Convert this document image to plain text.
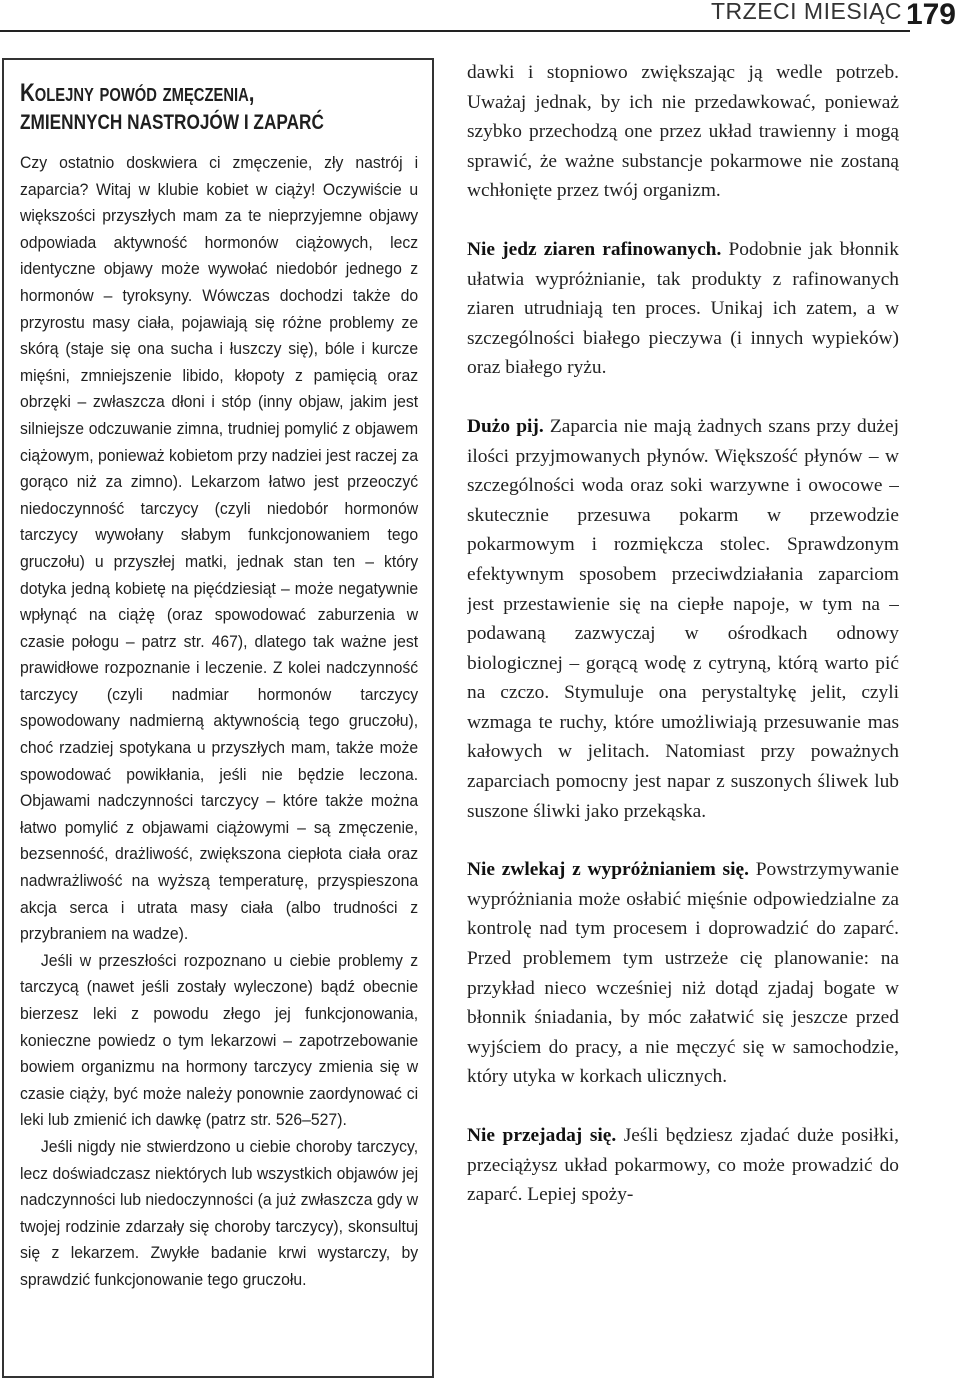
TRZECI MIESIĄC 179
Kolejny powód zmęczenia,
ZMIENNYCH NASTROJÓW I ZAPARĆ

Czy ostatnio doskwiera ci zmęczenie, zły nastrój i zaparcia? Witaj w klubie kobiet w ciąży! Oczywiście u większości przyszłych mam za te nieprzyjemne objawy odpowiada aktywność hormonów ciążowych, lecz identyczne objawy może wywołać niedobór jednego z hormonów – tyroksyny. Wówczas dochodzi także do przyrostu masy ciała, pojawiają się różne problemy ze skórą (staje się ona sucha i łuszczy się), bóle i kurcze mięśni, zmniejszenie libido, kłopoty z pamięcią oraz obrzęki – zwłaszcza dłoni i stóp (inny objaw, jakim jest silniejsze odczuwanie zimna, trudniej pomylić z objawem ciążowym, ponieważ kobietom przy nadziei jest raczej za gorąco niż za zimno). Lekarzom łatwo jest przeoczyć niedoczynność tarczycy (czyli niedobór hormonów tarczycy wywołany słabym funkcjonowaniem tego gruczołu) u przyszłej matki, jednak stan ten – który dotyka jedną kobietę na pięćdziesiąt – może negatywnie wpłynąć na ciążę (oraz spowodować zaburzenia w czasie połogu – patrz str. 467), dlatego tak ważne jest prawidłowe rozpoznanie i leczenie. Z kolei nadczynność tarczycy (czyli nadmiar hormonów tarczycy spowodowany nadmierną aktywnością tego gruczołu), choć rzadziej spotykana u przyszłych mam, także może spowodować powikłania, jeśli nie będzie leczona. Objawami nadczynności tarczycy – które także można łatwo pomylić z objawami ciążowymi – są zmęczenie, bezsenność, drażliwość, zwiększona ciepłota ciała oraz nadwrażliwość na wyższą temperaturę, przyspieszona akcja serca i utrata masy ciała (albo trudności z przybraniem na wadze).

Jeśli w przeszłości rozpoznano u ciebie problemy z tarczycą (nawet jeśli zostały wyleczone) bądź obecnie bierzesz leki z powodu złego jej funkcjonowania, konieczne powiedz o tym lekarzowi – zapotrzebowanie bowiem organizmu na hormony tarczycy zmienia się w czasie ciąży, być może należy ponownie zaordynować ci leki lub zmienić ich dawkę (patrz str. 526–527).

Jeśli nigdy nie stwierdzono u ciebie choroby tarczycy, lecz doświadczasz niektórych lub wszystkich objawów jej nadczynności lub niedoczynności (a już zwłaszcza gdy w twojej rodzinie zdarzały się choroby tarczycy), skonsultuj się z lekarzem. Zwykłe badanie krwi wystarczy, by sprawdzić funkcjonowanie tego gruczołu.

dawki i stopniowo zwiększając ją wedle potrzeb. Uważaj jednak, by ich nie przedawkować, ponieważ szybko przechodzą one przez układ trawienny i mogą sprawić, że ważne substancje pokarmowe nie zostaną wchłonięte przez twój organizm.

Nie jedz ziaren rafinowanych. Podobnie jak błonnik ułatwia wypróżnianie, tak produkty z rafinowanych ziaren utrudniają ten proces. Unikaj ich zatem, a w szczególności białego pieczywa (i innych wypieków) oraz białego ryżu.

Dużo pij. Zaparcia nie mają żadnych szans przy dużej ilości przyjmowanych płynów. Większość płynów – w szczególności woda oraz soki warzywne i owocowe – skutecznie przesuwa pokarm w przewodzie pokarmowym i rozmiękcza stolec. Sprawdzonym efektywnym sposobem przeciwdziałania zaparciom jest przestawienie się na ciepłe napoje, w tym na – podawaną zazwyczaj w ośrodkach odnowy biologicznej – gorącą wodę z cytryną, którą warto pić na czczo. Stymuluje ona perystaltykę jelit, czyli wzmaga te ruchy, które umożliwiają przesuwanie mas kałowych w jelitach. Natomiast przy poważnych zaparciach pomocny jest napar z suszonych śliwek lub suszone śliwki jako przekąska.

Nie zwlekaj z wypróżnianiem się. Powstrzymywanie wypróżniania może osłabić mięśnie odpowiedzialne za kontrolę nad tym procesem i doprowadzić do zaparć. Przed problemem tym ustrzeże cię planowanie: na przykład nieco wcześniej niż dotąd zjadaj bogate w błonnik śniadania, by móc załatwić się jeszcze przed wyjściem do pracy, a nie męczyć się w samochodzie, który utyka w korkach ulicznych.

Nie przejadaj się. Jeśli będziesz zjadać duże posiłki, przeciążysz układ pokarmowy, co może prowadzić do zaparć. Lepiej spoży-
